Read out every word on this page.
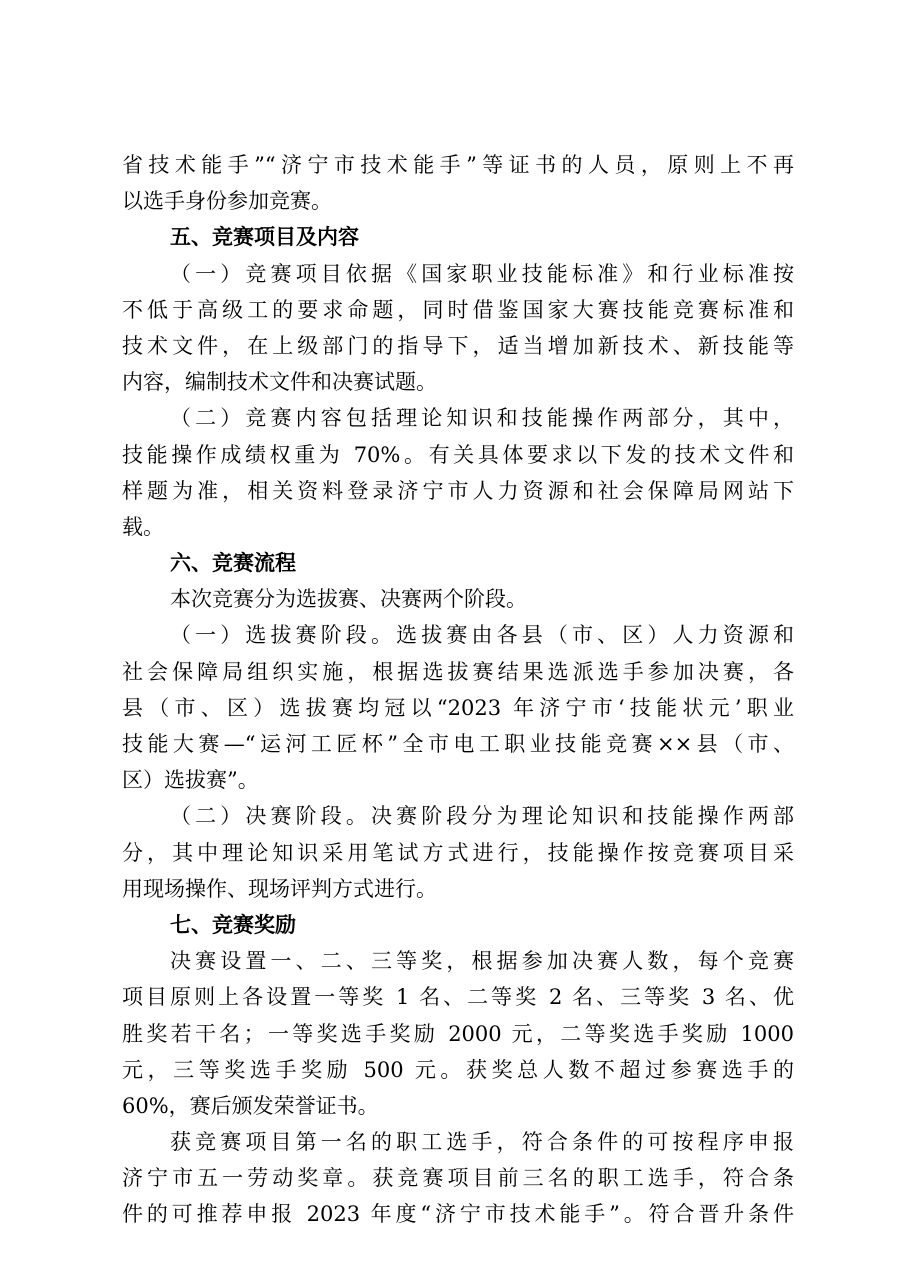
省技术能手”“济宁市技术能手”等证书的人员，原则上不再
以选手身份参加竞赛。
五、竞赛项目及内容
（一）竞赛项目依据《国家职业技能标准》和行业标准按
不低于高级工的要求命题，同时借鉴国家大赛技能竞赛标准和
技术文件，在上级部门的指导下，适当增加新技术、新技能等
内容，编制技术文件和决赛试题。
（二）竞赛内容包括理论知识和技能操作两部分，其中，
技能操作成绩权重为 70%。有关具体要求以下发的技术文件和
样题为准，相关资料登录济宁市人力资源和社会保障局网站下
载。
六、竞赛流程
本次竞赛分为选拔赛、决赛两个阶段。
（一）选拔赛阶段。选拔赛由各县（市、区）人力资源和
社会保障局组织实施，根据选拔赛结果选派选手参加决赛，各
县（市、区）选拔赛均冠以“2023 年济宁市‘技能状元’职业
技能大赛—“运河工匠杯”全市电工职业技能竞赛××县（市、
区）选拔赛”。
（二）决赛阶段。决赛阶段分为理论知识和技能操作两部
分，其中理论知识采用笔试方式进行，技能操作按竞赛项目采
用现场操作、现场评判方式进行。
七、竞赛奖励
决赛设置一、二、三等奖，根据参加决赛人数，每个竞赛
项目原则上各设置一等奖 1 名、二等奖 2 名、三等奖 3 名、优
胜奖若干名；一等奖选手奖励 2000 元，二等奖选手奖励 1000
元，三等奖选手奖励 500 元。获奖总人数不超过参赛选手的
60%，赛后颁发荣誉证书。
获竞赛项目第一名的职工选手，符合条件的可按程序申报
济宁市五一劳动奖章。获竞赛项目前三名的职工选手，符合条
件的可推荐申报 2023 年度“济宁市技术能手”。符合晋升条件
